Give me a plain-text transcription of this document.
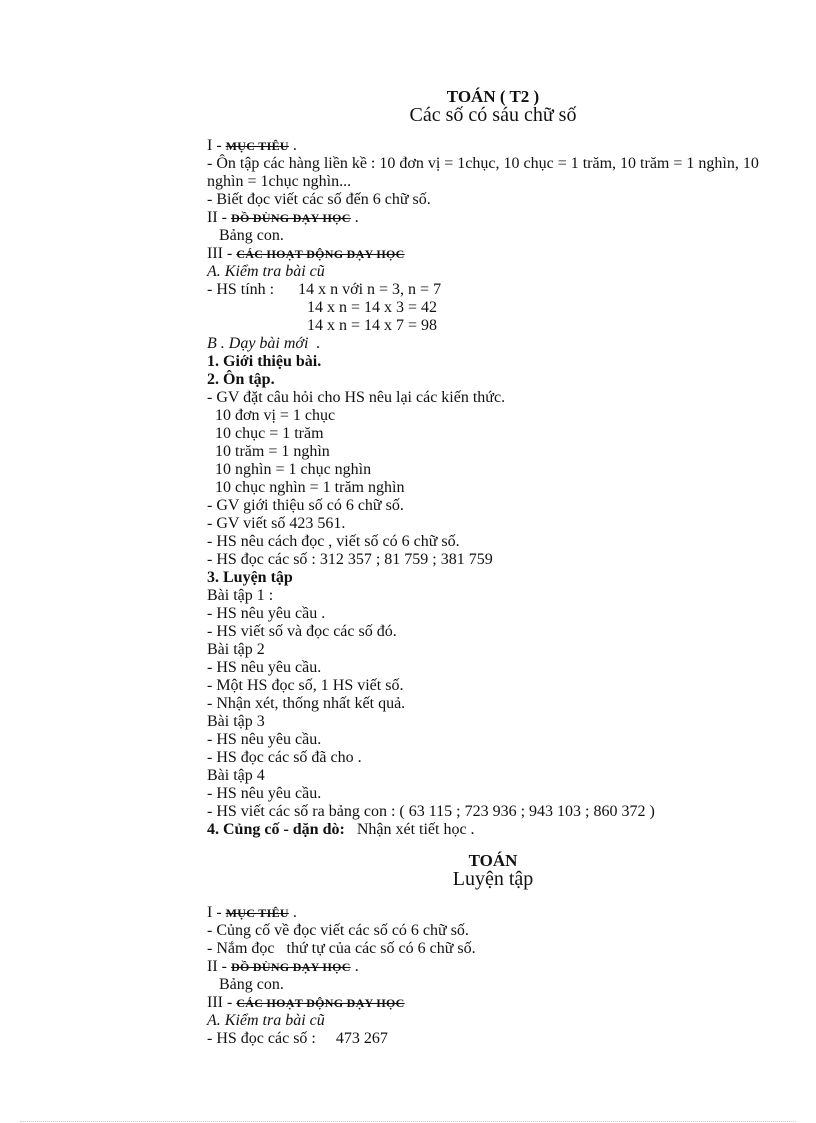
TOÁN ( T2 )
Các số có sáu chữ số
I - MỤC TIÊU .
- Ôn tập các hàng liền kề : 10 đơn vị = 1chục, 10 chục = 1 trăm, 10 trăm = 1 nghìn, 10 nghìn = 1chục nghìn...
- Biết đọc viết các số đến 6 chữ số.
II - ĐỒ DÙNG DẠY HỌC .
Bảng con.
III - CÁC HOẠT ĐỘNG DẠY HỌC
A. Kiểm tra bài cũ
- HS tính :      14 x n với n = 3, n = 7
14 x n = 14 x 3 = 42
14 x n = 14 x 7 = 98
B . Dạy bài mới  .
1. Giới thiệu bài.
2. Ôn tập.
- GV đặt câu hỏi cho HS nêu lại các kiến thức.
10 đơn vị = 1 chục
10 chục = 1 trăm
10 trăm = 1 nghìn
10 nghìn = 1 chục nghìn
10 chục nghìn = 1 trăm nghìn
- GV giới thiệu số có 6 chữ số.
- GV viết số 423 561.
- HS nêu cách đọc , viết số có 6 chữ số.
- HS đọc các số : 312 357 ; 81 759 ; 381 759
3. Luyện tập
Bài tập 1 :
- HS nêu yêu cầu .
- HS viết số và đọc các số đó.
Bài tập 2
- HS nêu yêu cầu.
- Một HS đọc số, 1 HS viết số.
- Nhận xét, thống nhất kết quả.
Bài tập 3
- HS nêu yêu cầu.
- HS đọc các số đã cho .
Bài tập 4
- HS nêu yêu cầu.
- HS viết các số ra bảng con : ( 63 115 ; 723 936 ; 943 103 ; 860 372 )
4. Củng cố - dặn dò:   Nhận xét tiết học .
TOÁN
Luyện tập
I - MỤC TIÊU .
- Củng cố về đọc viết các số có 6 chữ số.
- Nắm đọc   thứ tự của các số có 6 chữ số.
II - ĐỒ DÙNG DẠY HỌC .
Bảng con.
III - CÁC HOẠT ĐỘNG DẠY HỌC
A. Kiểm tra bài cũ
- HS đọc các số :     473 267
